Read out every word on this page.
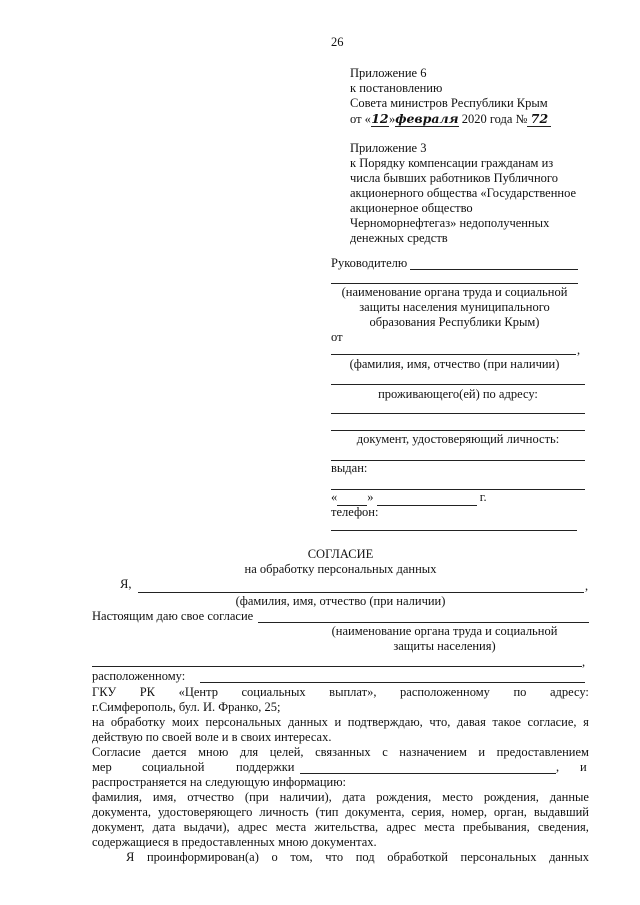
26
Приложение 6
к постановлению
Совета министров Республики Крым
от «12»февраля 2020 года № 72
Приложение 3
к Порядку компенсации гражданам из
числа бывших работников Публичного
акционерного общества «Государственное
акционерное общество
Черноморнефтегаз» недополученных
денежных средств
Руководителю
(наименование органа труда и социальной
защиты населения муниципального
образования Республики Крым)
от
,
(фамилия, имя, отчество (при наличии)
проживающего(ей) по адресу:
документ, удостоверяющий личность:
выдан:
« »	г.
телефон:
СОГЛАСИЕ
на обработку персональных данных
Я,	,
(фамилия, имя, отчество (при наличии)
Настоящим даю свое согласие
(наименование органа труда и социальной
защиты населения)
,
расположенному:
ГКУ РК «Центр социальных выплат», расположенному по адресу:
г.Симферополь, бул. И. Франко, 25;
на обработку моих персональных данных и подтверждаю, что, давая такое согласие, я
действую по своей воле и в своих интересах.
Согласие дается мною для целей, связанных с назначением и предоставлением
мер социальной	поддержки	, и
распространяется на следующую информацию:
фамилия, имя, отчество (при наличии), дата рождения, место рождения, данные
документа, удостоверяющего личность (тип документа, серия, номер, орган, выдавший
документ, дата выдачи), адрес места жительства, адрес места пребывания, сведения,
содержащиеся в предоставленных мною документах.
Я проинформирован(а) о том, что под обработкой персональных данных
